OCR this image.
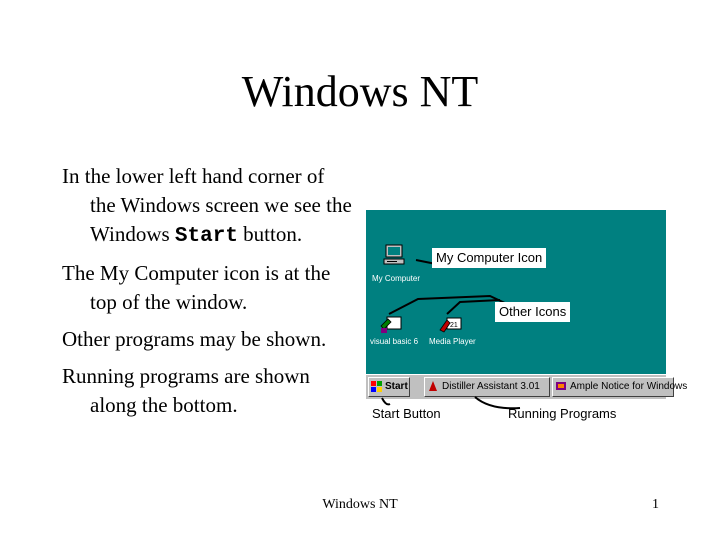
Windows NT
In the lower left hand corner of the Windows screen we see the Windows Start button.
The My Computer icon is at the top of the window.
Other programs may be shown.
Running programs are shown along the bottom.
My Computer
visual basic 6
21
Media Player
Start	Distiller Assistant 3.01	Ample Notice for Windows
My Computer Icon
Other Icons
Start Button	Running Programs
Windows NT	1
